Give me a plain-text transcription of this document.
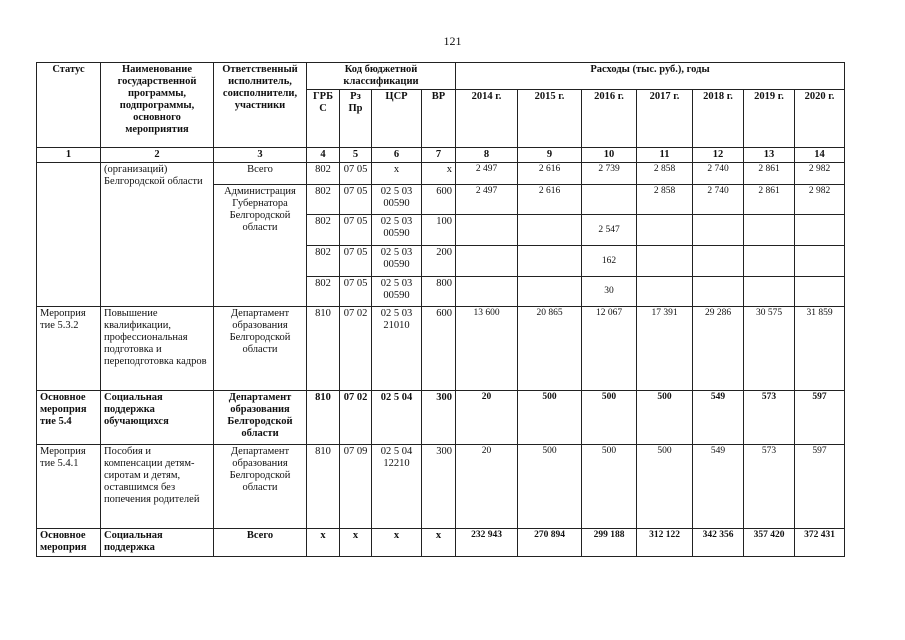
121
Статус	Наименование государственной программы, подпрограммы, основного мероприятия	Ответственный исполнитель, соисполнители, участники	Код бюджетной классификации				Расходы (тыс. руб.), годы						
			ГРБ С	Рз Пр	ЦСР	ВР	2014 г.	2015 г.	2016 г.	2017 г.	2018 г.	2019 г.	2020 г.
1	2	3	4	5	6	7	8	9	10	11	12	13	14
	(организаций) Белгородской области	Всего	802	07 05	х	х	2 497	2 616	2 739	2 858	2 740	2 861	2 982
		Администрация Губернатора Белгородской области	802	07 05	02 5 03 00590	600	2 497	2 616		2 858	2 740	2 861	2 982
			802	07 05	02 5 03 00590	100			2 547				
			802	07 05	02 5 03 00590	200			162				
			802	07 05	02 5 03 00590	800			30				

Мероприя тие 5.3.2	Повышение квалификации, профессиональная подготовка и переподготовка кадров	Департамент образования Белгородской области	810	07 02	02 5 03 21010	600	13 600	20 865	12 067	17 391	29 286	30 575	31 859
Основное мероприя тие 5.4	Социальная поддержка обучающихся	Департамент образования Белгородской области	810	07 02	02 5 04	300	20	500	500	500	549	573	597
Мероприя тие 5.4.1	Пособия и компенсации детям-сиротам и детям, оставшимся без попечения родителей	Департамент образования Белгородской области	810	07 09	02 5 04 12210	300	20	500	500	500	549	573	597
Основное мероприя	Социальная поддержка	Всего	х	х	х	х	232 943	270 894	299 188	312 122	342 356	357 420	372 431
